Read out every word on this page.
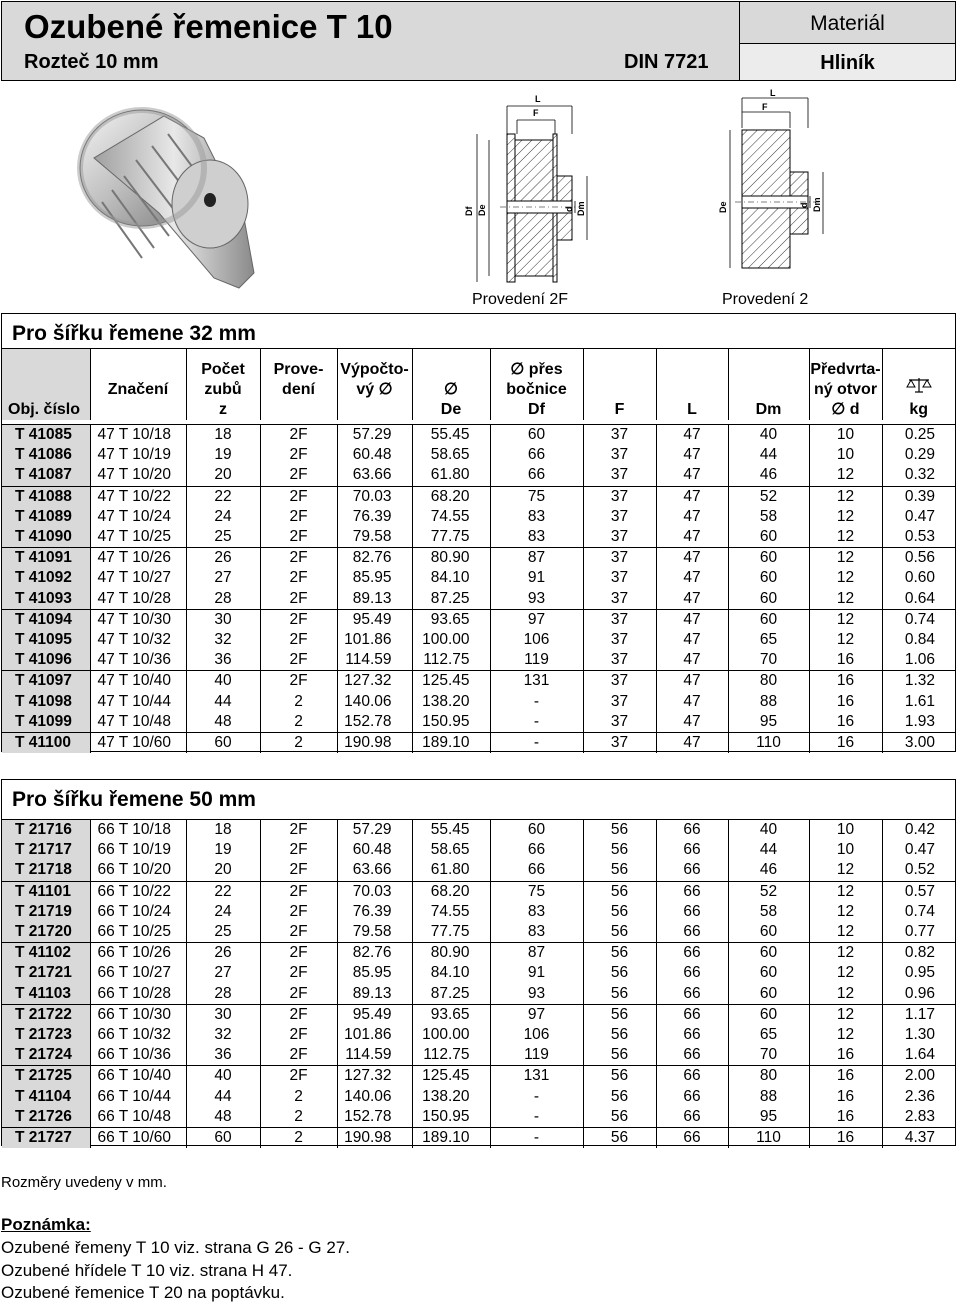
Ozubené řemenice T 10
Rozteč 10 mm	DIN 7721
Materiál
Hliník
L
F
Df De	d Dm
Provedení 2F
L
F
De	d Dm
Provedení 2
Pro šířku řemene 32 mm
Obj. číslo	
Značení

Počet
zubů
z

Prove-
dení

Výpočto-
vý ∅	∅
De

∅ přes
bočnice
Df	F	L	Dm

Předvrta-
ný otvor
∅ d	kg
T 41085	47 T 10/18	18	2F	57.29	55.45	60	37	47	40	10	0.25
T 41086	47 T 10/19	19	2F	60.48	58.65	66	37	47	44	10	0.29
T 41087	47 T 10/20	20	2F	63.66	61.80	66	37	47	46	12	0.32
T 41088	47 T 10/22	22	2F	70.03	68.20	75	37	47	52	12	0.39
T 41089	47 T 10/24	24	2F	76.39	74.55	83	37	47	58	12	0.47
T 41090	47 T 10/25	25	2F	79.58	77.75	83	37	47	60	12	0.53
T 41091	47 T 10/26	26	2F	82.76	80.90	87	37	47	60	12	0.56
T 41092	47 T 10/27	27	2F	85.95	84.10	91	37	47	60	12	0.60
T 41093	47 T 10/28	28	2F	89.13	87.25	93	37	47	60	12	0.64
T 41094	47 T 10/30	30	2F	95.49	93.65	97	37	47	60	12	0.74
T 41095	47 T 10/32	32	2F	101.86	100.00	106	37	47	65	12	0.84
T 41096	47 T 10/36	36	2F	114.59	112.75	119	37	47	70	16	1.06
T 41097	47 T 10/40	40	2F	127.32	125.45	131	37	47	80	16	1.32
T 41098	47 T 10/44	44	2	140.06	138.20	-	37	47	88	16	1.61
T 41099	47 T 10/48	48	2	152.78	150.95	-	37	47	95	16	1.93
T 41100	47 T 10/60	60	2	190.98	189.10	-	37	47	110	16	3.00
Pro šířku řemene 50 mm
T 21716	66 T 10/18	18	2F	57.29	55.45	60	56	66	40	10	0.42
T 21717	66 T 10/19	19	2F	60.48	58.65	66	56	66	44	10	0.47
T 21718	66 T 10/20	20	2F	63.66	61.80	66	56	66	46	12	0.52
T 41101	66 T 10/22	22	2F	70.03	68.20	75	56	66	52	12	0.57
T 21719	66 T 10/24	24	2F	76.39	74.55	83	56	66	58	12	0.74
T 21720	66 T 10/25	25	2F	79.58	77.75	83	56	66	60	12	0.77
T 41102	66 T 10/26	26	2F	82.76	80.90	87	56	66	60	12	0.82
T 21721	66 T 10/27	27	2F	85.95	84.10	91	56	66	60	12	0.95
T 41103	66 T 10/28	28	2F	89.13	87.25	93	56	66	60	12	0.96
T 21722	66 T 10/30	30	2F	95.49	93.65	97	56	66	60	12	1.17
T 21723	66 T 10/32	32	2F	101.86	100.00	106	56	66	65	12	1.30
T 21724	66 T 10/36	36	2F	114.59	112.75	119	56	66	70	16	1.64
T 21725	66 T 10/40	40	2F	127.32	125.45	131	56	66	80	16	2.00
T 41104	66 T 10/44	44	2	140.06	138.20	-	56	66	88	16	2.36
T 21726	66 T 10/48	48	2	152.78	150.95	-	56	66	95	16	2.83
T 21727	66 T 10/60	60	2	190.98	189.10	-	56	66	110	16	4.37
Rozměry uvedeny v mm.
Poznámka:
Ozubené řemeny T 10 viz. strana G 26 - G 27.
Ozubené hřídele T 10 viz. strana H 47.
Ozubené řemenice T 20 na poptávku.
